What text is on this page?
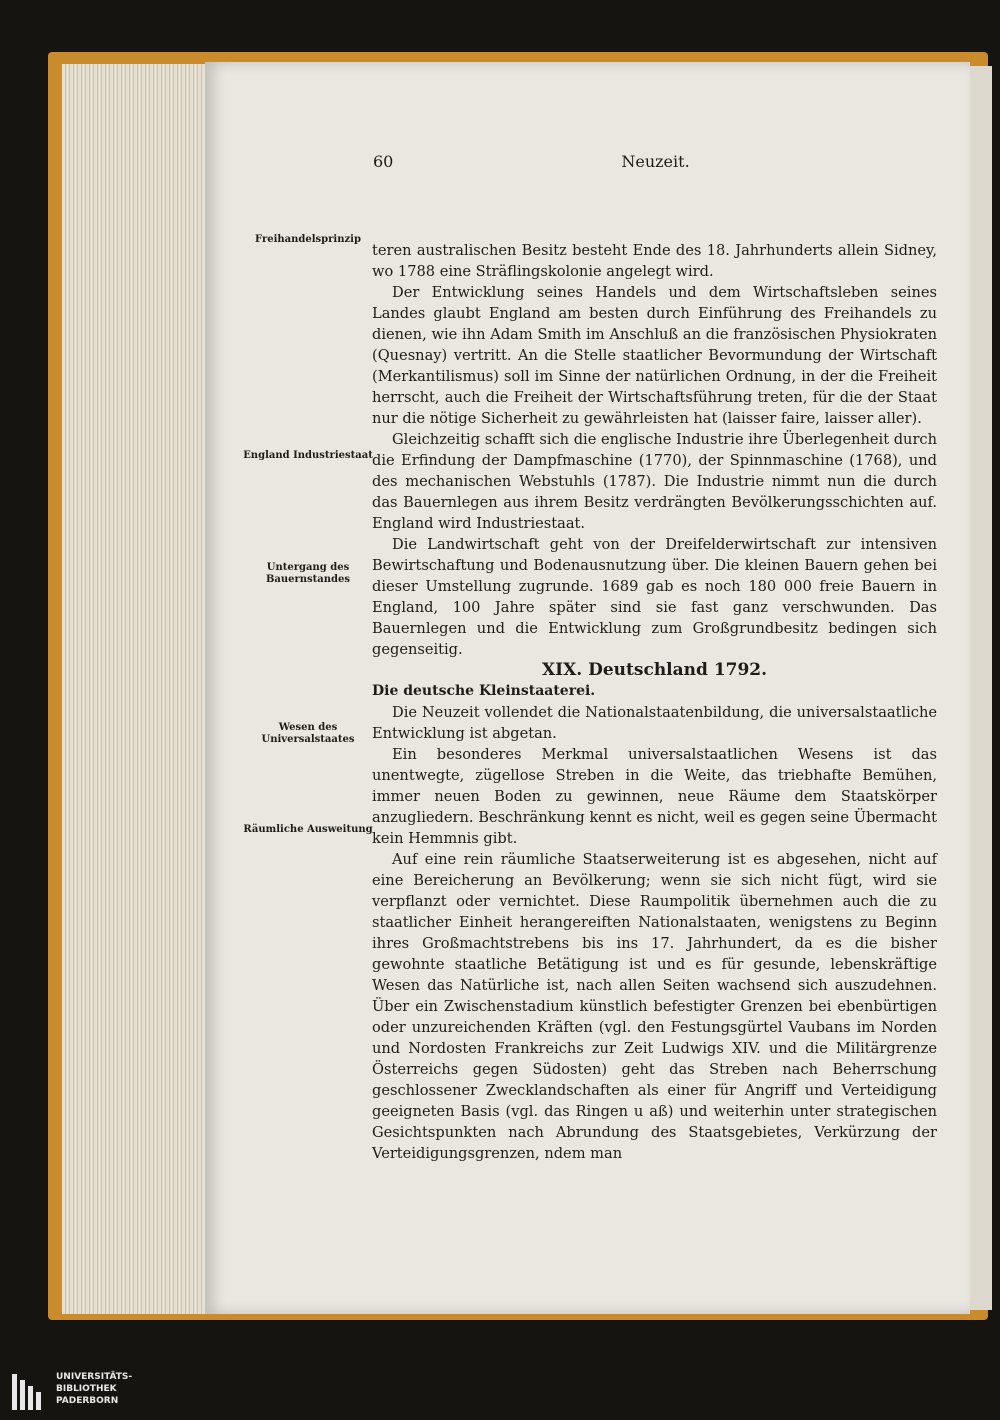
60	Neuzeit.
Freihandelsprinzip
England Industriestaat
Untergang des Bauernstandes
Wesen des Universalstaates
Räumliche Ausweitung

teren australischen Besitz besteht Ende des 18. Jahrhunderts allein Sidney, wo 1788 eine Sträflingskolonie angelegt wird.

Der Entwicklung seines Handels und dem Wirtschaftsleben seines Landes glaubt England am besten durch Einführung des Freihandels zu dienen, wie ihn Adam Smith im Anschluß an die französischen Physiokraten (Quesnay) vertritt. An die Stelle staatlicher Bevormundung der Wirtschaft (Merkantilismus) soll im Sinne der natürlichen Ordnung, in der die Freiheit herrscht, auch die Freiheit der Wirtschaftsführung treten, für die der Staat nur die nötige Sicherheit zu gewährleisten hat (laisser faire, laisser aller).

Gleichzeitig schafft sich die englische Industrie ihre Überlegenheit durch die Erfindung der Dampfmaschine (1770), der Spinnmaschine (1768), und des mechanischen Webstuhls (1787). Die Industrie nimmt nun die durch das Bauernlegen aus ihrem Besitz verdrängten Bevölkerungsschichten auf. England wird Industriestaat.

Die Landwirtschaft geht von der Dreifelderwirtschaft zur intensiven Bewirtschaftung und Bodenausnutzung über. Die kleinen Bauern gehen bei dieser Umstellung zugrunde. 1689 gab es noch 180 000 freie Bauern in England, 100 Jahre später sind sie fast ganz verschwunden. Das Bauernlegen und die Entwicklung zum Großgrundbesitz bedingen sich gegenseitig.

XIX. Deutschland 1792.

Die deutsche Kleinstaaterei.

Die Neuzeit vollendet die Nationalstaatenbildung, die universalstaatliche Entwicklung ist abgetan.

Ein besonderes Merkmal universalstaatlichen Wesens ist das unentwegte, zügellose Streben in die Weite, das triebhafte Bemühen, immer neuen Boden zu gewinnen, neue Räume dem Staatskörper anzugliedern. Beschränkung kennt es nicht, weil es gegen seine Übermacht kein Hemmnis gibt.

Auf eine rein räumliche Staatserweiterung ist es abgesehen, nicht auf eine Bereicherung an Bevölkerung; wenn sie sich nicht fügt, wird sie verpflanzt oder vernichtet. Diese Raumpolitik übernehmen auch die zu staatlicher Einheit herangereiften Nationalstaaten, wenigstens zu Beginn ihres Großmachtstrebens bis ins 17. Jahrhundert, da es die bisher gewohnte staatliche Betätigung ist und es für gesunde, lebenskräftige Wesen das Natürliche ist, nach allen Seiten wachsend sich auszudehnen. Über ein Zwischenstadium künstlich befestigter Grenzen bei ebenbürtigen oder unzureichenden Kräften (vgl. den Festungsgürtel Vaubans im Norden und Nordosten Frankreichs zur Zeit Ludwigs XIV. und die Militärgrenze Österreichs gegen Südosten) geht das Streben nach Beherrschung geschlossener Zwecklandschaften als einer für Angriff und Verteidigung geeigneten Basis (vgl. das Ringen u aß) und weiterhin unter strategischen Gesichtspunkten nach Abrundung des Staatsgebietes, Verkürzung der Verteidigungsgrenzen, ndem man

UNIVERSITÄTS-
BIBLIOTHEK
PADERBORN
